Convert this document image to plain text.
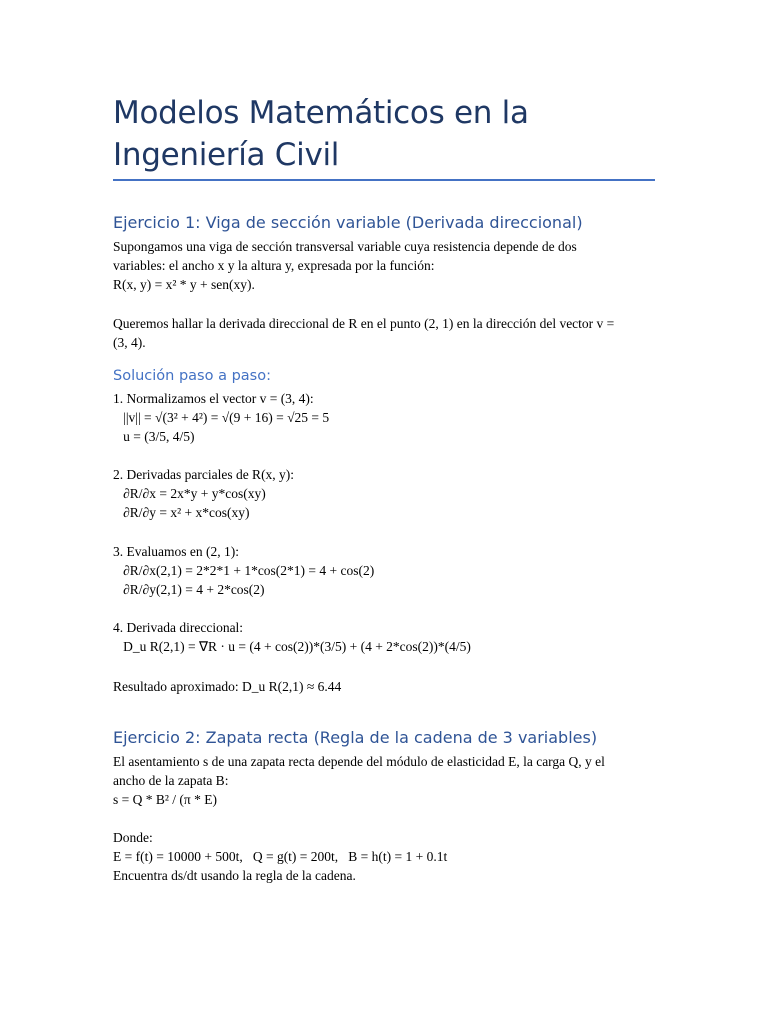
Modelos Matemáticos en la Ingeniería Civil
Ejercicio 1: Viga de sección variable (Derivada direccional)
Supongamos una viga de sección transversal variable cuya resistencia depende de dos
variables: el ancho x y la altura y, expresada por la función:
R(x, y) = x² * y + sen(xy).
Queremos hallar la derivada direccional de R en el punto (2, 1) en la dirección del vector v =
(3, 4).
Solución paso a paso:
1. Normalizamos el vector v = (3, 4):
||v|| = √(3² + 4²) = √(9 + 16) = √25 = 5
u = (3/5, 4/5)
2. Derivadas parciales de R(x, y):
∂R/∂x = 2x*y + y*cos(xy)
∂R/∂y = x² + x*cos(xy)
3. Evaluamos en (2, 1):
∂R/∂x(2,1) = 2*2*1 + 1*cos(2*1) = 4 + cos(2)
∂R/∂y(2,1) = 4 + 2*cos(2)
4. Derivada direccional:
D_u R(2,1) = ∇R · u = (4 + cos(2))*(3/5) + (4 + 2*cos(2))*(4/5)
Resultado aproximado: D_u R(2,1) ≈ 6.44
Ejercicio 2: Zapata recta (Regla de la cadena de 3 variables)
El asentamiento s de una zapata recta depende del módulo de elasticidad E, la carga Q, y el
ancho de la zapata B:
s = Q * B² / (π * E)
Donde:
E = f(t) = 10000 + 500t,   Q = g(t) = 200t,   B = h(t) = 1 + 0.1t
Encuentra ds/dt usando la regla de la cadena.
